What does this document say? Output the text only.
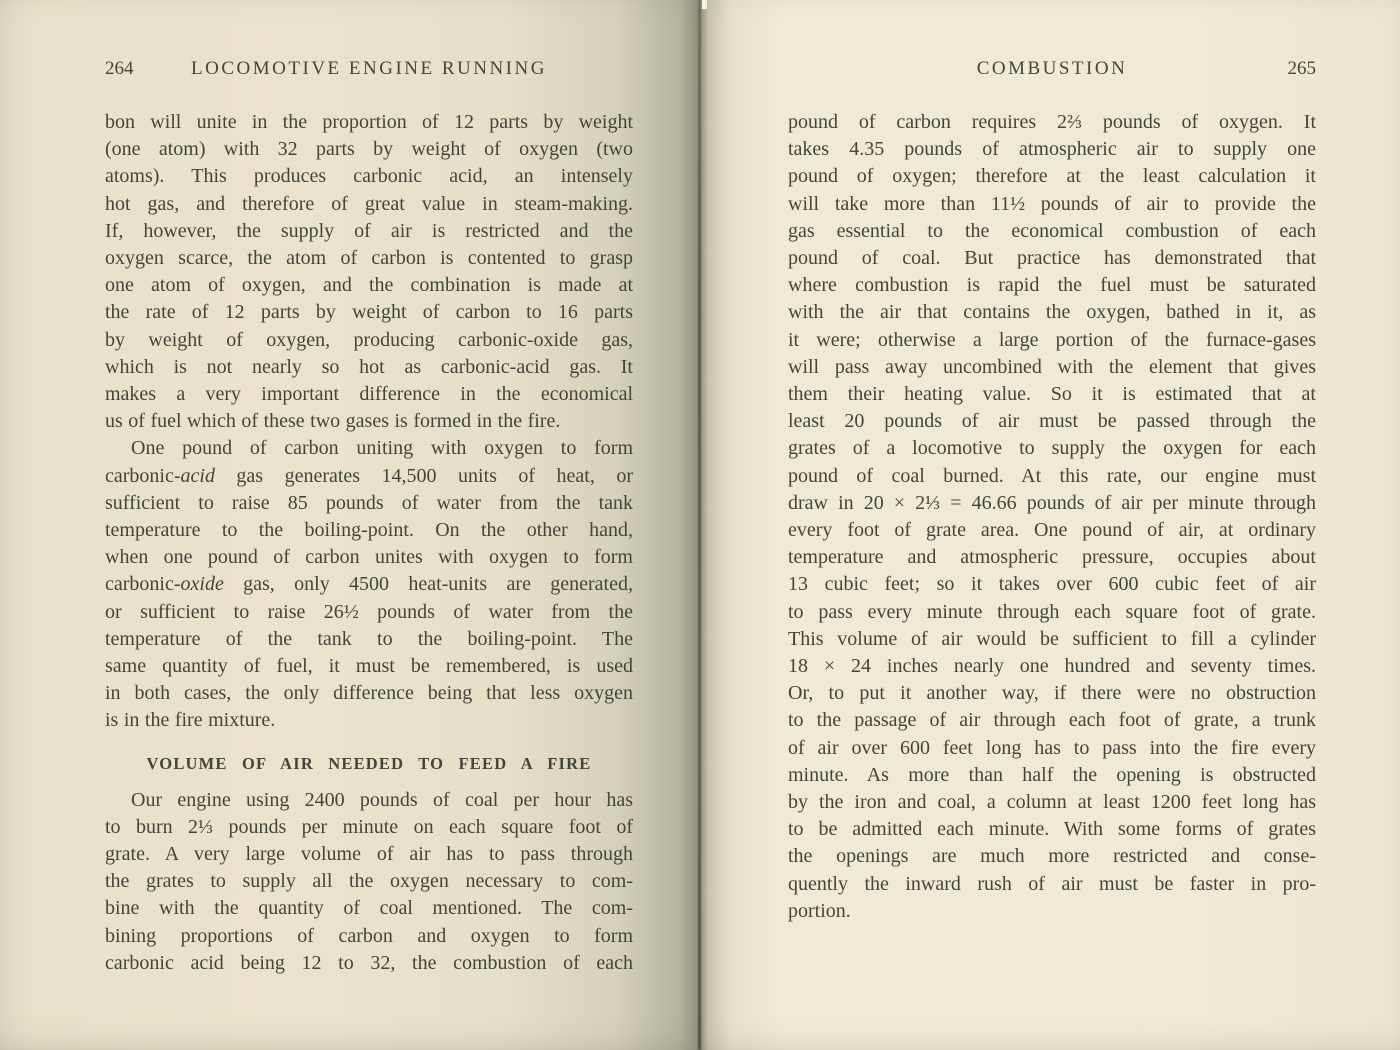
264	LOCOMOTIVE ENGINE RUNNING
bon will unite in the proportion of 12 parts by weight
(one atom) with 32 parts by weight of oxygen (two
atoms). This produces carbonic acid, an intensely
hot gas, and therefore of great value in steam-making.
If, however, the supply of air is restricted and the
oxygen scarce, the atom of carbon is contented to grasp
one atom of oxygen, and the combination is made at
the rate of 12 parts by weight of carbon to 16 parts
by weight of oxygen, producing carbonic-oxide gas,
which is not nearly so hot as carbonic-acid gas. It
makes a very important difference in the economical
us of fuel which of these two gases is formed in the fire.
One pound of carbon uniting with oxygen to form
carbonic-acid gas generates 14,500 units of heat, or
sufficient to raise 85 pounds of water from the tank
temperature to the boiling-point. On the other hand,
when one pound of carbon unites with oxygen to form
carbonic-oxide gas, only 4500 heat-units are generated,
or sufficient to raise 26½ pounds of water from the
temperature of the tank to the boiling-point. The
same quantity of fuel, it must be remembered, is used
in both cases, the only difference being that less oxygen
is in the fire mixture.
VOLUME OF AIR NEEDED TO FEED A FIRE
Our engine using 2400 pounds of coal per hour has
to burn 2⅓ pounds per minute on each square foot of
grate. A very large volume of air has to pass through
the grates to supply all the oxygen necessary to com-
bine with the quantity of coal mentioned. The com-
bining proportions of carbon and oxygen to form
carbonic acid being 12 to 32, the combustion of each
COMBUSTION	265
pound of carbon requires 2⅔ pounds of oxygen. It
takes 4.35 pounds of atmospheric air to supply one
pound of oxygen; therefore at the least calculation it
will take more than 11½ pounds of air to provide the
gas essential to the economical combustion of each
pound of coal. But practice has demonstrated that
where combustion is rapid the fuel must be saturated
with the air that contains the oxygen, bathed in it, as
it were; otherwise a large portion of the furnace-gases
will pass away uncombined with the element that gives
them their heating value. So it is estimated that at
least 20 pounds of air must be passed through the
grates of a locomotive to supply the oxygen for each
pound of coal burned. At this rate, our engine must
draw in 20 × 2⅓ = 46.66 pounds of air per minute through
every foot of grate area. One pound of air, at ordinary
temperature and atmospheric pressure, occupies about
13 cubic feet; so it takes over 600 cubic feet of air
to pass every minute through each square foot of grate.
This volume of air would be sufficient to fill a cylinder
18 × 24 inches nearly one hundred and seventy times.
Or, to put it another way, if there were no obstruction
to the passage of air through each foot of grate, a trunk
of air over 600 feet long has to pass into the fire every
minute. As more than half the opening is obstructed
by the iron and coal, a column at least 1200 feet long has
to be admitted each minute. With some forms of grates
the openings are much more restricted and conse-
quently the inward rush of air must be faster in pro-
portion.
